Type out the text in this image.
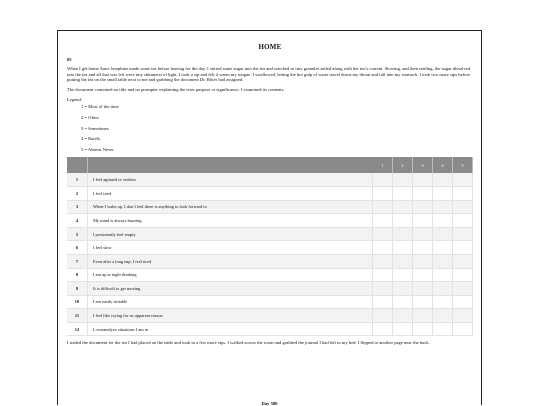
HOME
05
When I get home Aunt Josephine made some tea before leaving for the day. I stirred some sugar into the tea and watched as tiny granules sailed along with the tea’s current. Slowing, and then settling, the sugar dissolved into the tea and all that was left were tiny shimmers of light. I took a sip and felt it warm my tongue. I swallowed, letting the hot gulp of water travel down my throat and fall into my stomach. I took two more sips before putting the tea on the small table next to me and grabbing the document Dr. Ritter had assigned.
The document contained no title and no prompter explaining the tests purpose or significance. I examined its contents.
Legend:
1 = Most of the time
2 = Often
3 = Sometimes
4 = Rarely
5 = Almost Never
		1	2	3	4	5
1	I feel agitated or restless					
2	I feel tired					
3	When I wake up, I don’t feel there is anything to look forward to					
4	My mind is always buzzing					
5	I persistently feel empty					
6	I feel slow					
7	Even after a long nap, I feel tired					
8	I am up at night thinking					
9	It is difficult to get moving					
10	I am easily irritable					
11	I feel like crying for no apparent reason					
12	I overanalyze situations I am in					
I traded the document for the tea I had placed on the table and took in a few more sips. I walked across the room and grabbed the journal I had left in my bed. I flipped to another page near the back.
Day 580
